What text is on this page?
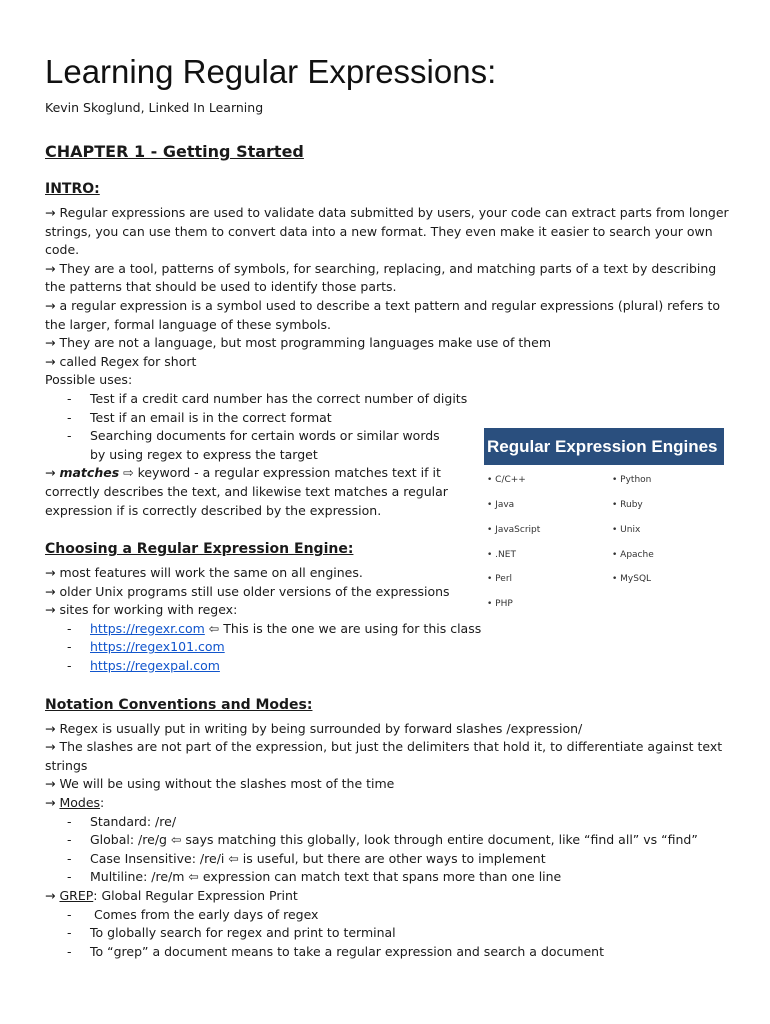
Learning Regular Expressions:
Kevin Skoglund, Linked In Learning
CHAPTER 1 - Getting Started
INTRO:

→ Regular expressions are used to validate data submitted by users, your code can extract parts from longer strings, you can use them to convert data into a new format. They even make it easier to search your own code.

→ They are a tool, patterns of symbols, for searching, replacing, and matching parts of a text by describing the patterns that should be used to identify those parts.

→ a regular expression is a symbol used to describe a text pattern and regular expressions (plural) refers to the larger, formal language of these symbols.

→ They are not a language, but most programming languages make use of them

→ called Regex for short

Possible uses:

- Test if a credit card number has the correct number of digits
- Test if an email is in the correct format
- Searching documents for certain words or similar words by using regex to express the target

→ matches ⇨ keyword - a regular expression matches text if it correctly describes the text, and likewise text matches a regular expression if is correctly described by the expression.

Choosing a Regular Expression Engine:

→ most features will work the same on all engines.

→ older Unix programs still use older versions of the expressions

→ sites for working with regex:

- https://regexr.com ⇦ This is the one we are using for this class
- https://regex101.com
- https://regexpal.com
Notation Conventions and Modes:

→ Regex is usually put in writing by being surrounded by forward slashes /expression/

→ The slashes are not part of the expression, but just the delimiters that hold it, to differentiate against text strings

→ We will be using without the slashes most of the time

→ Modes:

- Standard: /re/
- Global: /re/g ⇦ says matching this globally, look through entire document, like “find all” vs “find”
- Case Insensitive: /re/i ⇦ is useful, but there are other ways to implement
- Multiline: /re/m ⇦ expression can match text that spans more than one line

→ GREP: Global Regular Expression Print

-  Comes from the early days of regex
- To globally search for regex and print to terminal
- To “grep” a document means to take a regular expression and search a document
Regular Expression Engines
• C/C++
• Java
• JavaScript
• .NET
• Perl
• PHP
• Python
• Ruby
• Unix
• Apache
• MySQL
